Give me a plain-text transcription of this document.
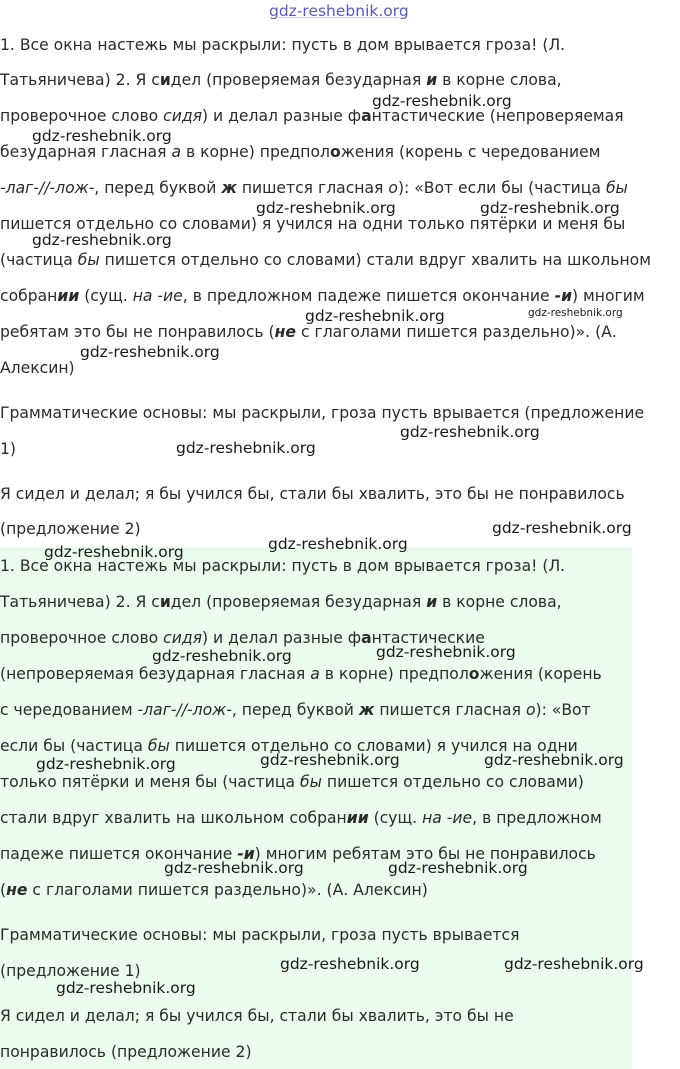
1. Все окна настежь мы раскрыли: пусть в дом врывается гроза! (Л.
Татьяничева) 2. Я сидел (проверяемая безударная и в корне слова,
проверочное слово сидя) и делал разные фантастические (непроверяемая
безударная гласная а в корне) предположения (корень с чередованием
-лаг-//-лож-, перед буквой ж пишется гласная о): «Вот если бы (частица бы
пишется отдельно со словами) я учился на одни только пятёрки и меня бы
(частица бы пишется отдельно со словами) стали вдруг хвалить на школьном
собрании (сущ. на -ие, в предложном падеже пишется окончание -и) многим
ребятам это бы не понравилось (не с глаголами пишется раздельно)». (А.
Алексин)
Грамматические основы: мы раскрыли, гроза пусть врывается (предложение
1)
Я сидел и делал; я бы учился бы, стали бы хвалить, это бы не понравилось
(предложение 2)
1. Все окна настежь мы раскрыли: пусть в дом врывается гроза! (Л.
Татьяничева) 2. Я сидел (проверяемая безударная и в корне слова,
проверочное слово сидя) и делал разные фантастические
(непроверяемая безударная гласная а в корне) предположения (корень
с чередованием -лаг-//-лож-, перед буквой ж пишется гласная о): «Вот
если бы (частица бы пишется отдельно со словами) я учился на одни
только пятёрки и меня бы (частица бы пишется отдельно со словами)
стали вдруг хвалить на школьном собрании (сущ. на -ие, в предложном
падеже пишется окончание -и) многим ребятам это бы не понравилось
(не с глаголами пишется раздельно)». (А. Алексин)
Грамматические основы: мы раскрыли, гроза пусть врывается
(предложение 1)
Я сидел и делал; я бы учился бы, стали бы хвалить, это бы не
понравилось (предложение 2)
gdz-reshebnik.org
gdz-reshebnik.org
gdz-reshebnik.org
gdz-reshebnik.org	gdz-reshebnik.org
gdz-reshebnik.org
gdz-reshebnik.org	gdz-reshebnik.org
gdz-reshebnik.org
gdz-reshebnik.org
gdz-reshebnik.org
gdz-reshebnik.org
gdz-reshebnik.org
gdz-reshebnik.org
gdz-reshebnik.org
gdz-reshebnik.org
gdz-reshebnik.org	gdz-reshebnik.org
gdz-reshebnik.org
gdz-reshebnik.org	gdz-reshebnik.org
gdz-reshebnik.org	gdz-reshebnik.org
gdz-reshebnik.org
